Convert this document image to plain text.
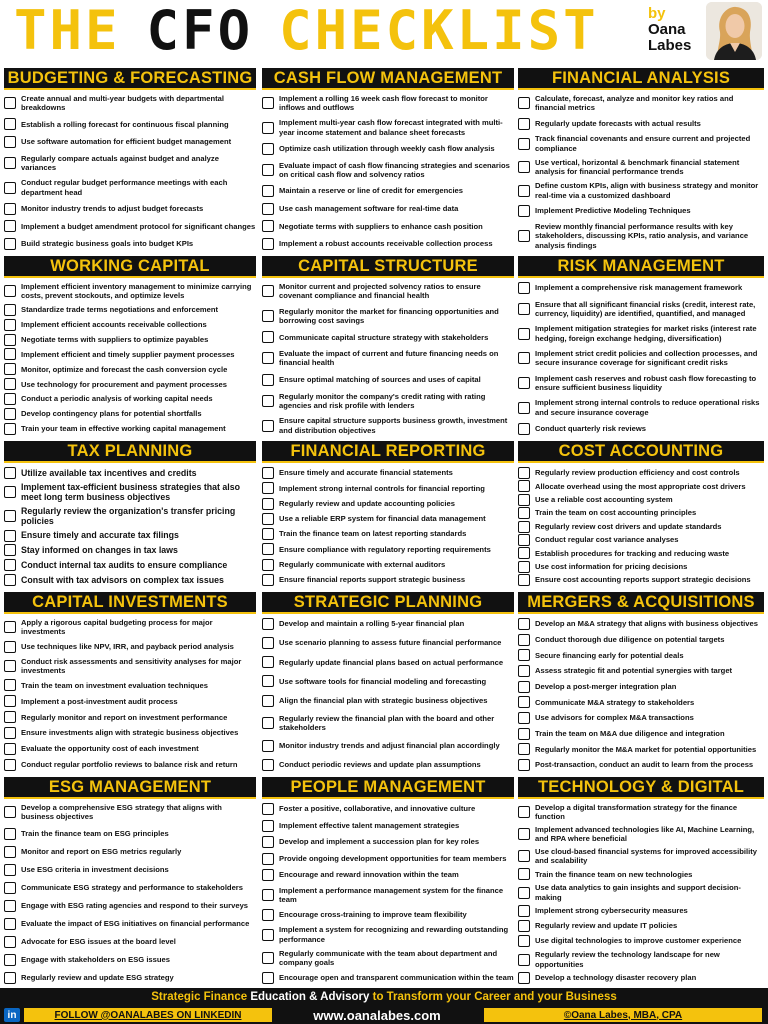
THE CFO CHECKLIST	by
Oana
Labes
BUDGETING & FORECASTING
Create annual and multi-year budgets with departmental breakdowns
Establish a rolling forecast for continuous fiscal planning
Use software automation for efficient budget management
Regularly compare actuals against budget and analyze variances
Conduct regular budget performance meetings with each department head
Monitor industry trends to adjust budget forecasts
Implement a budget amendment protocol for significant changes
Build strategic business goals into budget KPIs
CASH FLOW MANAGEMENT
Implement a rolling 16 week cash flow forecast to monitor inflows and outflows
Implement multi-year cash flow forecast integrated with multi-year income statement and balance sheet forecasts
Optimize cash utilization through weekly cash flow analysis
Evaluate impact of cash flow financing strategies and scenarios on critical cash flow and solvency ratios
Maintain a reserve or line of credit for emergencies
Use cash management software for real-time data
Negotiate terms with suppliers to enhance cash position
Implement a robust accounts receivable collection process
FINANCIAL ANALYSIS
Calculate, forecast, analyze and monitor key ratios and financial metrics
Regularly update forecasts with actual results
Track financial covenants and ensure current and projected compliance
Use vertical, horizontal & benchmark financial statement analysis for financial performance trends
Define custom KPIs, align with business strategy and monitor real-time via a customized dashboard
Implement Predictive Modeling Techniques
Review monthly financial performance results with key stakeholders, discussing KPIs, ratio analysis, and variance analysis findings
WORKING CAPITAL
Implement efficient inventory management to minimize carrying costs, prevent stockouts, and optimize levels
Standardize trade terms negotiations and enforcement
Implement efficient accounts receivable collections
Negotiate terms with suppliers to optimize payables
Implement efficient and timely supplier payment processes
Monitor, optimize and forecast the cash conversion cycle
Use technology for procurement and payment processes
Conduct a periodic analysis of working capital needs
Develop contingency plans for potential shortfalls
Train your team in effective working capital management
CAPITAL STRUCTURE
Monitor current and projected solvency ratios to ensure covenant compliance and financial health
Regularly monitor the market for financing opportunities and borrowing cost savings
Communicate capital structure strategy with stakeholders
Evaluate the impact of current and future financing needs on financial health
Ensure optimal matching of sources and uses of capital
Regularly monitor the company's credit rating with rating agencies and risk profile with lenders
Ensure capital structure supports business growth, investment and distribution objectives
RISK MANAGEMENT
Implement a comprehensive risk management framework
Ensure that all significant financial risks (credit, interest rate, currency, liquidity) are identified, quantified, and managed
Implement mitigation strategies for market risks (interest rate hedging, foreign exchange hedging, diversification)
Implement strict credit policies and collection processes, and secure insurance coverage for significant credit risks
Implement cash reserves and robust cash flow forecasting to ensure sufficient business liquidity
Implement strong internal controls to reduce operational risks and secure insurance coverage
Conduct quarterly risk reviews
TAX PLANNING
Utilize available tax incentives and credits
Implement tax-efficient business strategies that also meet long term business objectives
Regularly review the organization's transfer pricing policies
Ensure timely and accurate tax filings
Stay informed on changes in tax laws
Conduct internal tax audits to ensure compliance
Consult with tax advisors on complex tax issues
FINANCIAL REPORTING
Ensure timely and accurate financial statements
Implement strong internal controls for financial reporting
Regularly review and update accounting policies
Use a reliable ERP system for financial data management
Train the finance team on latest reporting standards
Ensure compliance with regulatory reporting requirements
Regularly communicate with external auditors
Ensure financial reports support strategic business
COST ACCOUNTING
Regularly review production efficiency and cost controls
Allocate overhead using the most appropriate cost drivers
Use a reliable cost accounting system
Train the team on cost accounting principles
Regularly review cost drivers and update standards
Conduct regular cost variance analyses
Establish procedures for tracking and reducing waste
Use cost information for pricing decisions
Ensure cost accounting reports support strategic decisions
CAPITAL INVESTMENTS
Apply a rigorous capital budgeting process for major investments
Use techniques like NPV, IRR, and payback period analysis
Conduct risk assessments and sensitivity analyses for major investments
Train the team on investment evaluation techniques
Implement a post-investment audit process
Regularly monitor and report on investment performance
Ensure investments align with strategic business objectives
Evaluate the opportunity cost of each investment
Conduct regular portfolio reviews to balance risk and return
STRATEGIC PLANNING
Develop and maintain a rolling 5-year financial plan
Use scenario planning to assess future financial performance
Regularly update financial plans based on actual performance
Use software tools for financial modeling and forecasting
Align the financial plan with strategic business objectives
Regularly review the financial plan with the board and other stakeholders
Monitor industry trends and adjust financial plan accordingly
Conduct periodic reviews and update plan assumptions
MERGERS & ACQUISITIONS
Develop an M&A strategy that aligns with business objectives
Conduct thorough due diligence on potential targets
Secure financing early for potential deals
Assess strategic fit and potential synergies with target
Develop a post-merger integration plan
Communicate M&A strategy to stakeholders
Use advisors for complex M&A transactions
Train the team on M&A due diligence and integration
Regularly monitor the M&A market for potential opportunities
Post-transaction, conduct an audit to learn from the process
ESG MANAGEMENT
Develop a comprehensive ESG strategy that aligns with business objectives
Train the finance team on ESG principles
Monitor and report on ESG metrics regularly
Use ESG criteria in investment decisions
Communicate ESG strategy and performance to stakeholders
Engage with ESG rating agencies and respond to their surveys
Evaluate the impact of ESG initiatives on financial performance
Advocate for ESG issues at the board level
Engage with stakeholders on ESG issues
Regularly review and update ESG strategy
PEOPLE MANAGEMENT
Foster a positive, collaborative, and innovative culture
Implement effective talent management strategies
Develop and implement a succession plan for key roles
Provide ongoing development opportunities for team members
Encourage and reward innovation within the team
Implement a performance management system for the finance team
Encourage cross-training to improve team flexibility
Implement a system for recognizing and rewarding outstanding performance
Regularly communicate with the team about department and company goals
Encourage open and transparent communication within the team
TECHNOLOGY & DIGITAL
Develop a digital transformation strategy for the finance function
Implement advanced technologies like AI, Machine Learning, and RPA where beneficial
Use cloud-based financial systems for improved accessibility and scalability
Train the finance team on new technologies
Use data analytics to gain insights and support decision-making
Implement strong cybersecurity measures
Regularly review and update IT policies
Use digital technologies to improve customer experience
Regularly review the technology landscape for new opportunities
Develop a technology disaster recovery plan
Strategic Finance
Education & Advisory
to
Transform your Career and your Business
in	FOLLOW @OANALABES ON LINKEDIN	www.oanalabes.com	©Oana Labes, MBA, CPA
